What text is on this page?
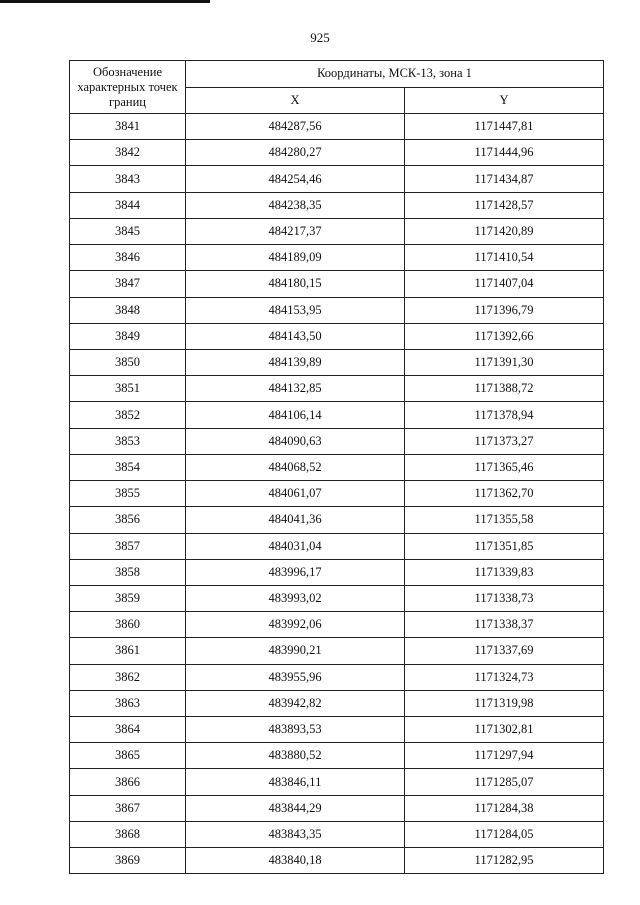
925
Обозначение характерных точек границ	Координаты, МСК-13, зона 1	
	X	Y
3841	484287,56	1171447,81
3842	484280,27	1171444,96
3843	484254,46	1171434,87
3844	484238,35	1171428,57
3845	484217,37	1171420,89
3846	484189,09	1171410,54
3847	484180,15	1171407,04
3848	484153,95	1171396,79
3849	484143,50	1171392,66
3850	484139,89	1171391,30
3851	484132,85	1171388,72
3852	484106,14	1171378,94
3853	484090,63	1171373,27
3854	484068,52	1171365,46
3855	484061,07	1171362,70
3856	484041,36	1171355,58
3857	484031,04	1171351,85
3858	483996,17	1171339,83
3859	483993,02	1171338,73
3860	483992,06	1171338,37
3861	483990,21	1171337,69
3862	483955,96	1171324,73
3863	483942,82	1171319,98
3864	483893,53	1171302,81
3865	483880,52	1171297,94
3866	483846,11	1171285,07
3867	483844,29	1171284,38
3868	483843,35	1171284,05
3869	483840,18	1171282,95
